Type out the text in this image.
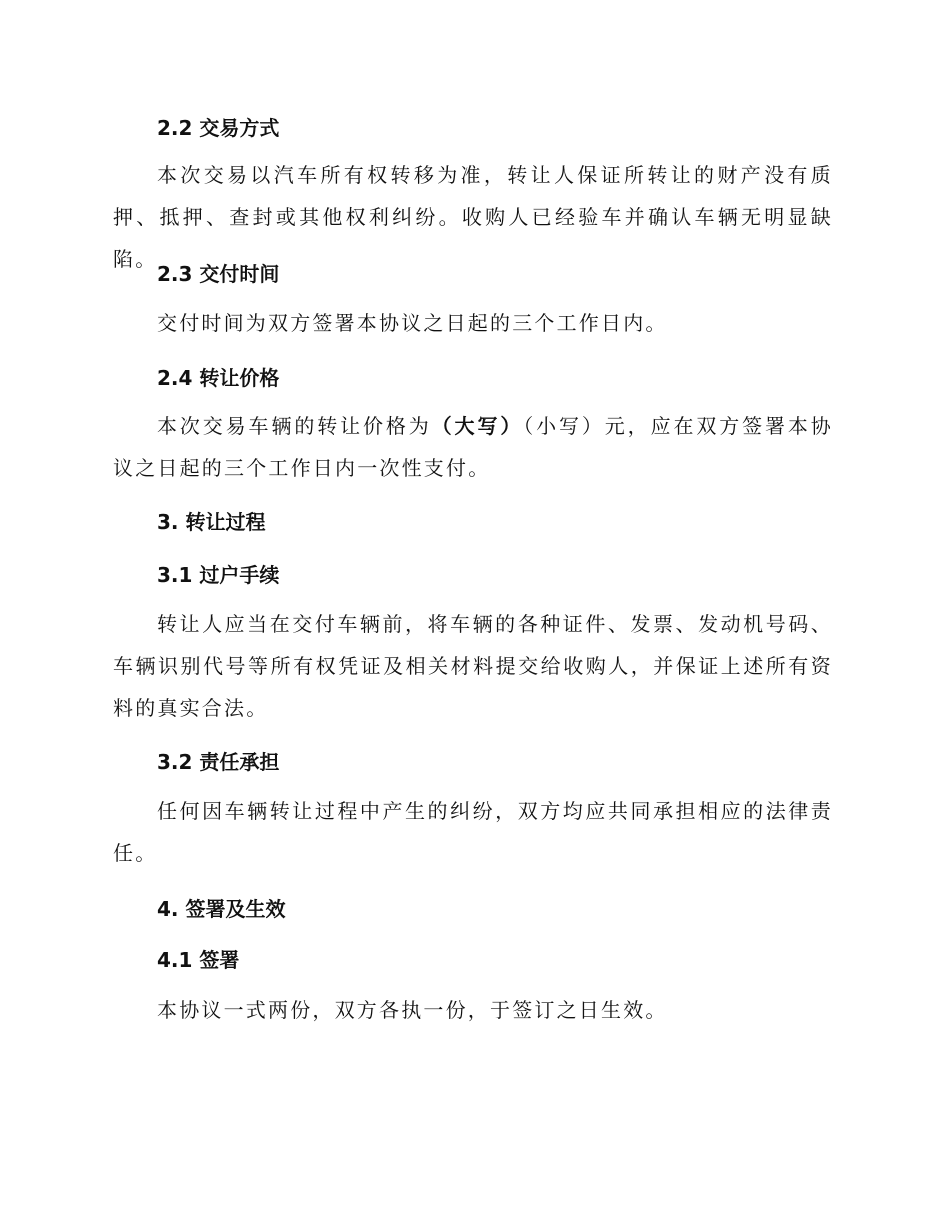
2.2 交易方式
本次交易以汽车所有权转移为准，转让人保证所转让的财产没有质押、抵押、查封或其他权利纠纷。收购人已经验车并确认车辆无明显缺陷。
2.3 交付时间
交付时间为双方签署本协议之日起的三个工作日内。
2.4 转让价格
本次交易车辆的转让价格为（大写）（小写）元，应在双方签署本协议之日起的三个工作日内一次性支付。
3. 转让过程
3.1 过户手续
转让人应当在交付车辆前，将车辆的各种证件、发票、发动机号码、车辆识别代号等所有权凭证及相关材料提交给收购人，并保证上述所有资料的真实合法。
3.2 责任承担
任何因车辆转让过程中产生的纠纷，双方均应共同承担相应的法律责任。
4. 签署及生效
4.1 签署
本协议一式两份，双方各执一份，于签订之日生效。
